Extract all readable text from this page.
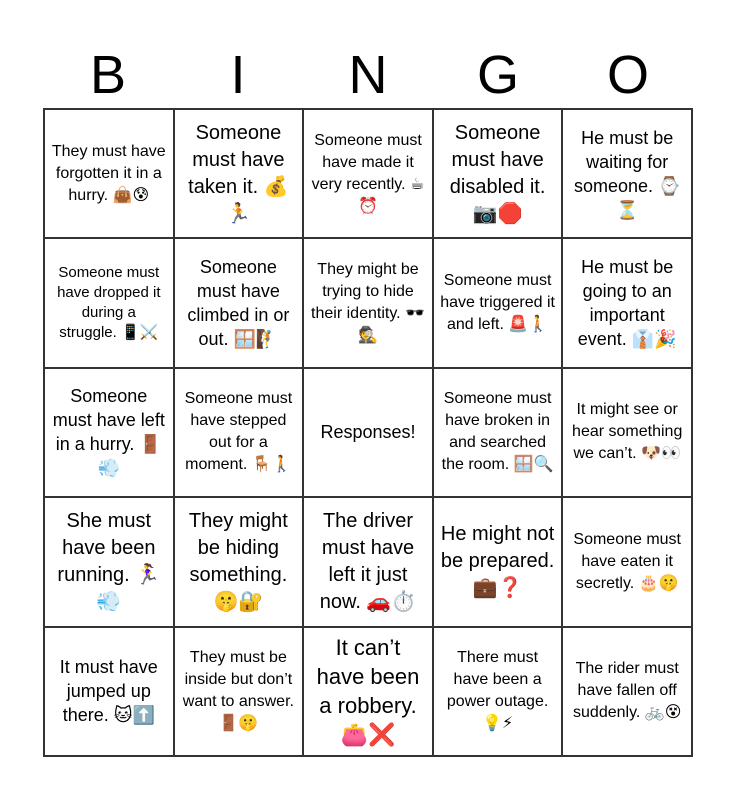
B	I	N	G	O
They must have forgotten it in a hurry. 👜😰
Someone must have taken it. 💰🏃
Someone must have made it very recently. ☕⏰
Someone must have disabled it. 📷🛑
He must be waiting for someone. ⌚⏳
Someone must have dropped it during a struggle. 📱⚔️
Someone must have climbed in or out. 🪟🧗
They might be trying to hide their identity. 🕶️🕵️
Someone must have triggered it and left. 🚨🚶
He must be going to an important event. 👔🎉
Someone must have left in a hurry. 🚪💨
Someone must have stepped out for a moment. 🪑🚶
Responses!
Someone must have broken in and searched the room. 🪟🔍
It might see or hear something we can’t. 🐶👀
She must have been running. 🏃‍♀️💨
They might be hiding something. 🤫🔐
The driver must have left it just now. 🚗⏱️
He might not be prepared. 💼❓
Someone must have eaten it secretly. 🎂🤫
It must have jumped up there. 🐱⬆️
They must be inside but don’t want to answer. 🚪🤫
It can’t have been a robbery. 👛❌
There must have been a power outage. 💡⚡
The rider must have fallen off suddenly. 🚲😵
